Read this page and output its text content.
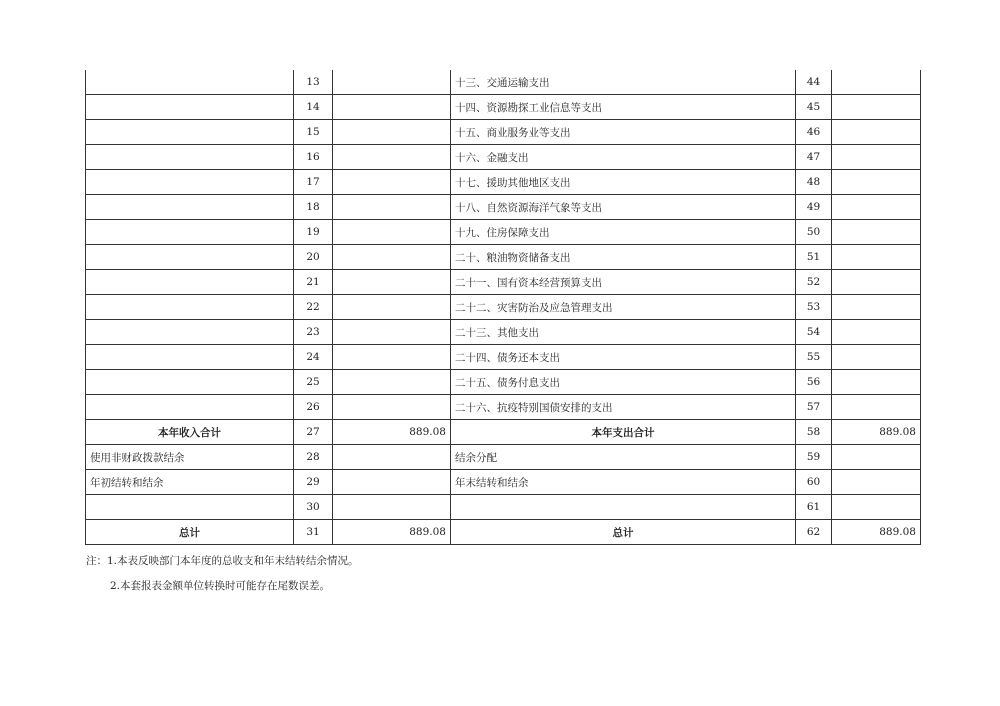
	13		十三、交通运输支出	44	
	14		十四、资源勘探工业信息等支出	45	
	15		十五、商业服务业等支出	46	
	16		十六、金融支出	47	
	17		十七、援助其他地区支出	48	
	18		十八、自然资源海洋气象等支出	49	
	19		十九、住房保障支出	50	
	20		二十、粮油物资储备支出	51	
	21		二十一、国有资本经营预算支出	52	
	22		二十二、灾害防治及应急管理支出	53	
	23		二十三、其他支出	54	
	24		二十四、债务还本支出	55	
	25		二十五、债务付息支出	56	
	26		二十六、抗疫特别国债安排的支出	57	
本年收入合计	27	889.08	本年支出合计	58	889.08
使用非财政拨款结余	28		结余分配	59	
年初结转和结余	29		年末结转和结余	60	
	30			61	
总计	31	889.08	总计	62	889.08
注：1.本表反映部门本年度的总收支和年末结转结余情况。
2.本套报表金额单位转换时可能存在尾数误差。
